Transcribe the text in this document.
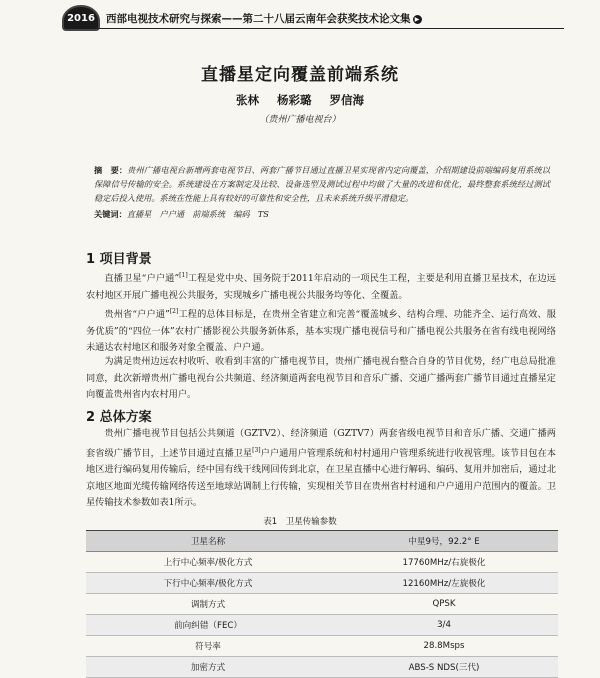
2016 西部电视技术研究与探索——第二十八届云南年会获奖技术论文集 ▶
直播星定向覆盖前端系统
张林 杨彩璐 罗信海
（贵州广播电视台）
摘　要：贵州广播电视台新增两套电视节目、两套广播节目通过直播卫星实现省内定向覆盖，介绍期建设前端编码复用系统以保障信号传输的安全。系统建设在方案制定及比较、设备选型及测试过程中均做了大量的改进和优化，最终整套系统经过测试稳定后投入使用。系统在性能上具有较好的可靠性和安全性，且未来系统升级平滑稳定。
关键词：直播星　户户通　前端系统　编码　TS
1 项目背景
直播卫星“户户通”[1]工程是党中央、国务院于2011年启动的一项民生工程，主要是利用直播卫星技术，在边远农村地区开展广播电视公共服务，实现城乡广播电视公共服务均等化、全覆盖。
贵州省“户户通”[2]工程的总体目标是，在贵州全省建立和完善“覆盖城乡、结构合理、功能齐全、运行高效、服务优质”的“四位一体”农村广播影视公共服务新体系，基本实现广播电视信号和广播电视公共服务在省有线电视网络未通达农村地区和服务对象全覆盖、户户通。
为满足贵州边远农村收听、收看到丰富的广播电视节目，贵州广播电视台整合自身的节目优势，经广电总局批准同意，此次新增贵州广播电视台公共频道、经济频道两套电视节目和音乐广播、交通广播两套广播节目通过直播星定向覆盖贵州省内农村用户。
2 总体方案
贵州广播电视节目包括公共频道（GZTV2）、经济频道（GZTV7）两套省级电视节目和音乐广播、交通广播两套省级广播节目，上述节目通过直播卫星[3]户户通用户管理系统和村村通用户管理系统进行收视管理。该节目包在本地区进行编码复用传输后，经中国有线干线网回传到北京，在卫星直播中心进行解码、编码、复用并加密后，通过北京地区地面光缆传输网络传送至地球站调制上行传输，实现相关节目在贵州省村村通和户户通用户范围内的覆盖。卫星传输技术参数如表1所示。
表1　卫星传输参数
卫星名称	中星9号，92.2° E
上行中心频率/极化方式	17760MHz/右旋极化
下行中心频率/极化方式	12160MHz/左旋极化
调制方式	QPSK
前向纠错（FEC）	3/4
符号率	28.8Msps
加密方式	ABS-S NDS(三代)
